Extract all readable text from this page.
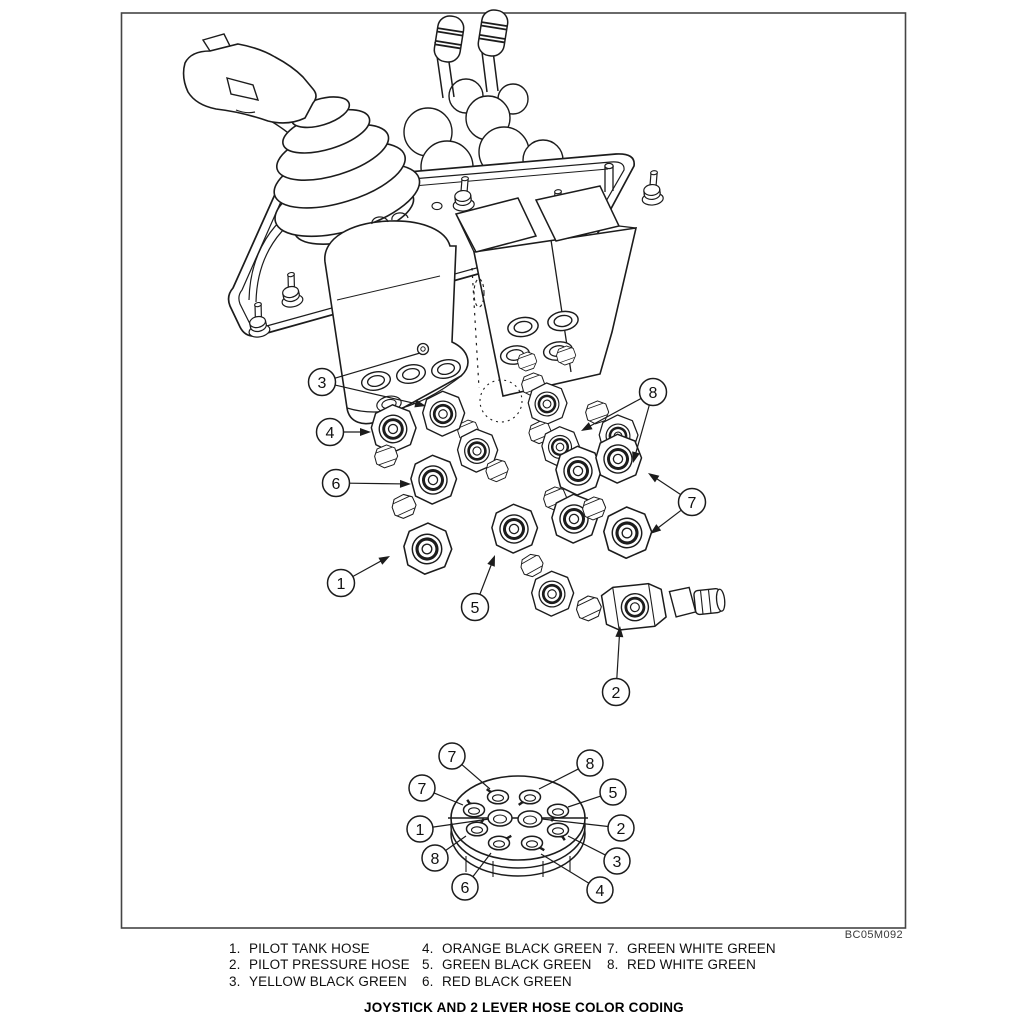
3
4
6
1
5
8
7
2
7	8
7	5
1	2
8	3
6	4
BC05M092
1. PILOT TANK HOSE
2. PILOT PRESSURE HOSE
3. YELLOW BLACK GREEN
4. ORANGE BLACK GREEN
5. GREEN BLACK GREEN
6. RED BLACK GREEN
7. GREEN WHITE GREEN
8. RED WHITE GREEN
JOYSTICK AND 2 LEVER HOSE COLOR CODING
